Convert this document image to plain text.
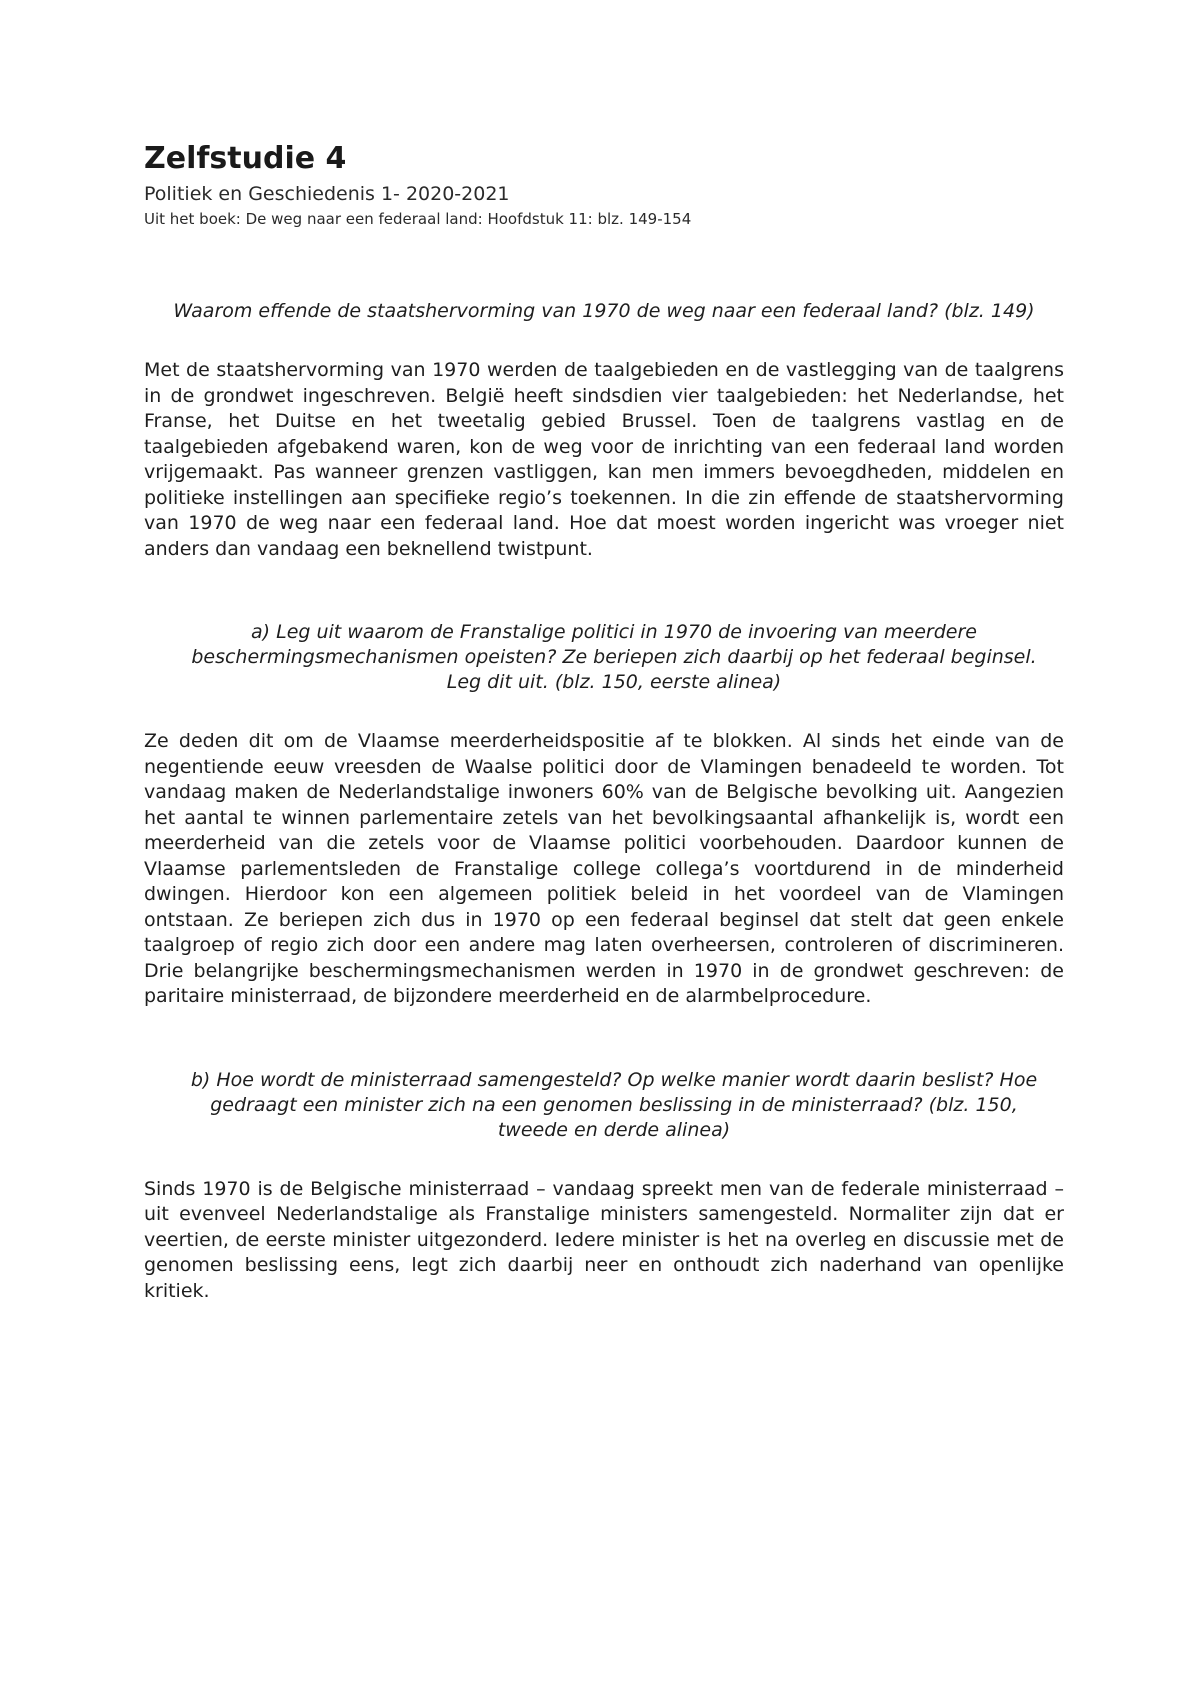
Zelfstudie 4

Politiek en Geschiedenis 1- 2020-2021

Uit het boek: De weg naar een federaal land: Hoofdstuk 11: blz. 149-154

Waarom effende de staatshervorming van 1970 de weg naar een federaal land? (blz. 149)

Met de staatshervorming van 1970 werden de taalgebieden en de vastlegging van de taalgrens in de grondwet ingeschreven. België heeft sindsdien vier taalgebieden: het Nederlandse, het Franse, het Duitse en het tweetalig gebied Brussel. Toen de taalgrens vastlag en de taalgebieden afgebakend waren, kon de weg voor de inrichting van een federaal land worden vrijgemaakt. Pas wanneer grenzen vastliggen, kan men immers bevoegdheden, middelen en politieke instellingen aan specifieke regio’s toekennen. In die zin effende de staatshervorming van 1970 de weg naar een federaal land. Hoe dat moest worden ingericht was vroeger niet anders dan vandaag een beknellend twistpunt.

a) Leg uit waarom de Franstalige politici in 1970 de invoering van meerdere beschermingsmechanismen opeisten? Ze beriepen zich daarbij op het federaal beginsel. Leg dit uit. (blz. 150, eerste alinea)

Ze deden dit om de Vlaamse meerderheidspositie af te blokken. Al sinds het einde van de negentiende eeuw vreesden de Waalse politici door de Vlamingen benadeeld te worden. Tot vandaag maken de Nederlandstalige inwoners 60% van de Belgische bevolking uit. Aangezien het aantal te winnen parlementaire zetels van het bevolkingsaantal afhankelijk is, wordt een meerderheid van die zetels voor de Vlaamse politici voorbehouden. Daardoor kunnen de Vlaamse parlementsleden de Franstalige college collega’s voortdurend in de minderheid dwingen. Hierdoor kon een algemeen politiek beleid in het voordeel van de Vlamingen ontstaan. Ze beriepen zich dus in 1970 op een federaal beginsel dat stelt dat geen enkele taalgroep of regio zich door een andere mag laten overheersen, controleren of discrimineren. Drie belangrijke beschermingsmechanismen werden in 1970 in de grondwet geschreven: de paritaire ministerraad, de bijzondere meerderheid en de alarmbelprocedure.

b) Hoe wordt de ministerraad samengesteld? Op welke manier wordt daarin beslist? Hoe gedraagt een minister zich na een genomen beslissing in de ministerraad? (blz. 150, tweede en derde alinea)

Sinds 1970 is de Belgische ministerraad – vandaag spreekt men van de federale ministerraad – uit evenveel Nederlandstalige als Franstalige ministers samengesteld. Normaliter zijn dat er veertien, de eerste minister uitgezonderd. Iedere minister is het na overleg en discussie met de genomen beslissing eens, legt zich daarbij neer en onthoudt zich naderhand van openlijke kritiek.
